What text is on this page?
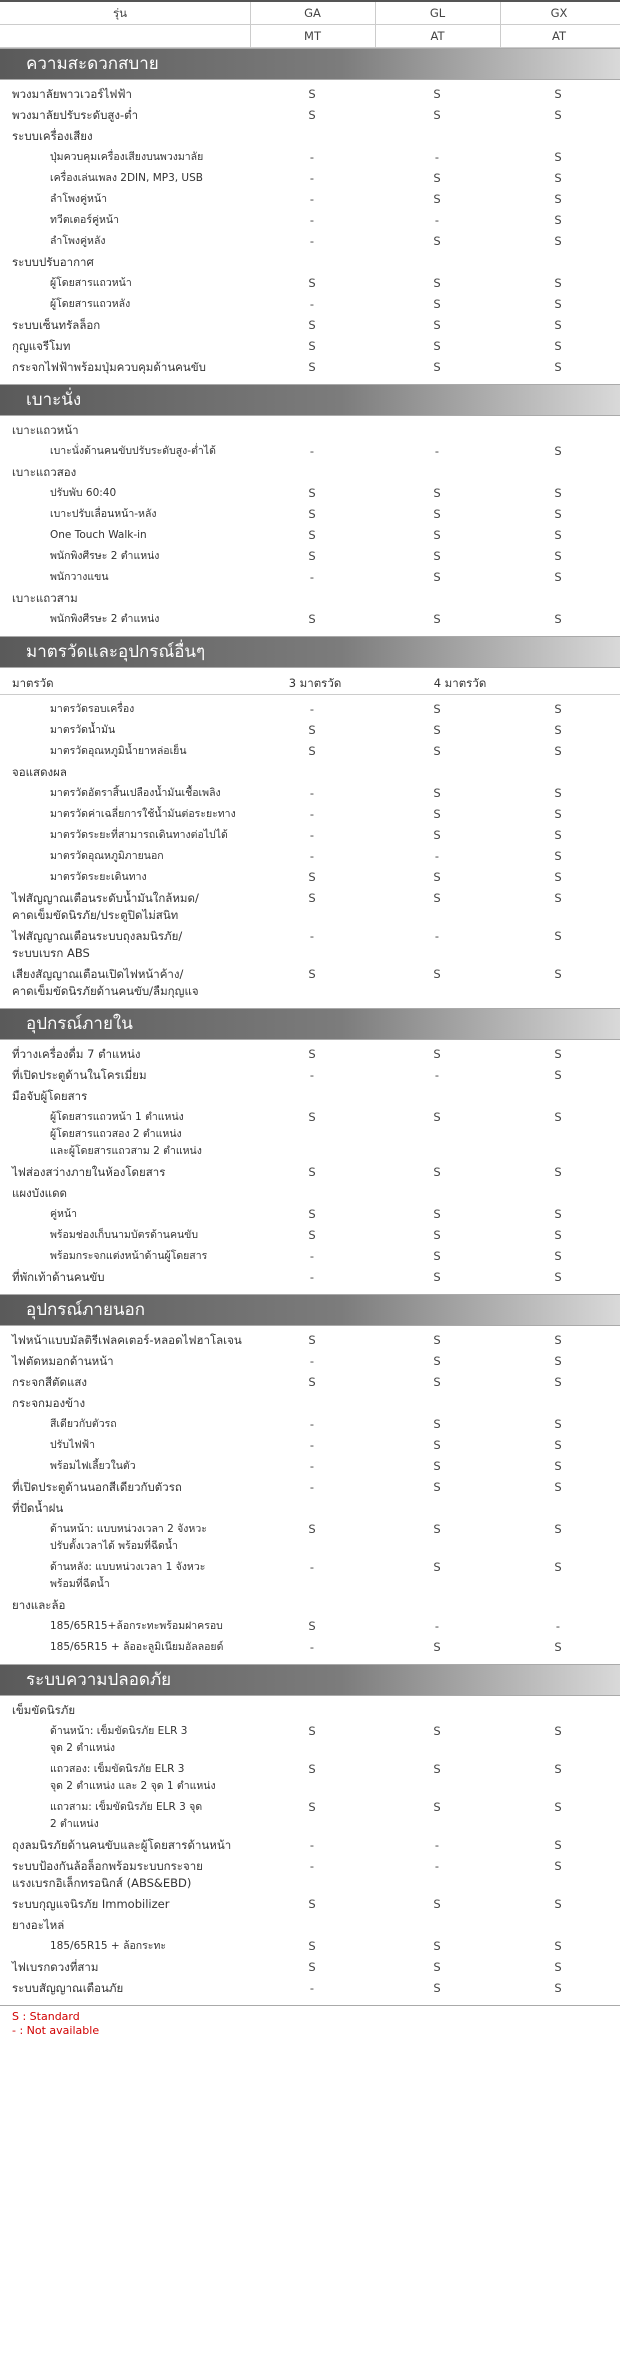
รุ่น	GA	GL	GX
MT	AT	AT
ความสะดวกสบาย
พวงมาลัยพาวเวอร์ไฟฟ้า	S	S	S
พวงมาลัยปรับระดับสูง-ต่ำ	S	S	S
ระบบเครื่องเสียง
ปุ่มควบคุมเครื่องเสียงบนพวงมาลัย	-	-	S
เครื่องเล่นเพลง 2DIN, MP3, USB	-	S	S
ลำโพงคู่หน้า	-	S	S
ทวีตเตอร์คู่หน้า	-	-	S
ลำโพงคู่หลัง	-	S	S
ระบบปรับอากาศ
ผู้โดยสารแถวหน้า	S	S	S
ผู้โดยสารแถวหลัง	-	S	S
ระบบเซ็นทรัลล็อก	S	S	S
กุญแจรีโมท	S	S	S
กระจกไฟฟ้าพร้อมปุ่มควบคุมด้านคนขับ	S	S	S
เบาะนั่ง
เบาะแถวหน้า
เบาะนั่งด้านคนขับปรับระดับสูง-ต่ำได้	-	-	S
เบาะแถวสอง
ปรับพับ 60:40	S	S	S
เบาะปรับเลื่อนหน้า-หลัง	S	S	S
One Touch Walk-in	S	S	S
พนักพิงศีรษะ 2 ตำแหน่ง	S	S	S
พนักวางแขน	-	S	S
เบาะแถวสาม
พนักพิงศีรษะ 2 ตำแหน่ง	S	S	S
มาตรวัดและอุปกรณ์อื่นๆ
มาตรวัด	3 มาตรวัด	4 มาตรวัด
มาตรวัดรอบเครื่อง	-	S	S
มาตรวัดน้ำมัน	S	S	S
มาตรวัดอุณหภูมิน้ำยาหล่อเย็น	S	S	S
จอแสดงผล
มาตรวัดอัตราสิ้นเปลืองน้ำมันเชื้อเพลิง	-	S	S
มาตรวัดค่าเฉลี่ยการใช้น้ำมันต่อระยะทาง	-	S	S
มาตรวัดระยะที่สามารถเดินทางต่อไปได้	-	S	S
มาตรวัดอุณหภูมิภายนอก	-	-	S
มาตรวัดระยะเดินทาง	S	S	S
ไฟสัญญาณเตือนระดับน้ำมันใกล้หมด/
คาดเข็มขัดนิรภัย/ประตูปิดไม่สนิท
S	S	S
ไฟสัญญาณเตือนระบบถุงลมนิรภัย/
ระบบเบรก ABS
-	-	S
เสียงสัญญาณเตือนเปิดไฟหน้าค้าง/
คาดเข็มขัดนิรภัยด้านคนขับ/ลืมกุญแจ
S	S	S
อุปกรณ์ภายใน
ที่วางเครื่องดื่ม 7 ตำแหน่ง	S	S	S
ที่เปิดประตูด้านในโครเมี่ยม	-	-	S
มือจับผู้โดยสาร
ผู้โดยสารแถวหน้า 1 ตำแหน่ง
ผู้โดยสารแถวสอง 2 ตำแหน่ง
และผู้โดยสารแถวสาม 2 ตำแหน่ง
S	S	S
ไฟส่องสว่างภายในห้องโดยสาร	S	S	S
แผงบังแดด
คู่หน้า	S	S	S
พร้อมช่องเก็บนามบัตรด้านคนขับ	S	S	S
พร้อมกระจกแต่งหน้าด้านผู้โดยสาร	-	S	S
ที่พักเท้าด้านคนขับ	-	S	S
อุปกรณ์ภายนอก
ไฟหน้าแบบมัลติรีเฟลคเตอร์-หลอดไฟฮาโลเจน	S	S	S
ไฟตัดหมอกด้านหน้า	-	S	S
กระจกสีตัดแสง	S	S	S
กระจกมองข้าง
สีเดียวกับตัวรถ	-	S	S
ปรับไฟฟ้า	-	S	S
พร้อมไฟเลี้ยวในตัว	-	S	S
ที่เปิดประตูด้านนอกสีเดียวกับตัวรถ	-	S	S
ที่ปัดน้ำฝน
ด้านหน้า: แบบหน่วงเวลา 2 จังหวะ
ปรับตั้งเวลาได้ พร้อมที่ฉีดน้ำ
S	S	S
ด้านหลัง: แบบหน่วงเวลา 1 จังหวะ
พร้อมที่ฉีดน้ำ
-	S	S
ยางและล้อ
185/65R15+ล้อกระทะพร้อมฝาครอบ	S	-	-
185/65R15 + ล้ออะลูมิเนียมอัลลอยด์	-	S	S
ระบบความปลอดภัย
เข็มขัดนิรภัย
ด้านหน้า: เข็มขัดนิรภัย ELR 3
จุด 2 ตำแหน่ง
S	S	S
แถวสอง: เข็มขัดนิรภัย ELR 3
จุด 2 ตำแหน่ง และ 2 จุด 1 ตำแหน่ง
S	S	S
แถวสาม: เข็มขัดนิรภัย ELR 3 จุด
2 ตำแหน่ง
S	S	S
ถุงลมนิรภัยด้านคนขับและผู้โดยสารด้านหน้า	-	-	S
ระบบป้องกันล้อล็อกพร้อมระบบกระจาย
แรงเบรกอิเล็กทรอนิกส์ (ABS&EBD)
-	-	S
ระบบกุญแจนิรภัย Immobilizer	S	S	S
ยางอะไหล่
185/65R15 + ล้อกระทะ	S	S	S
ไฟเบรกดวงที่สาม	S	S	S
ระบบสัญญาณเตือนภัย	-	S	S
S : Standard
- : Not available
